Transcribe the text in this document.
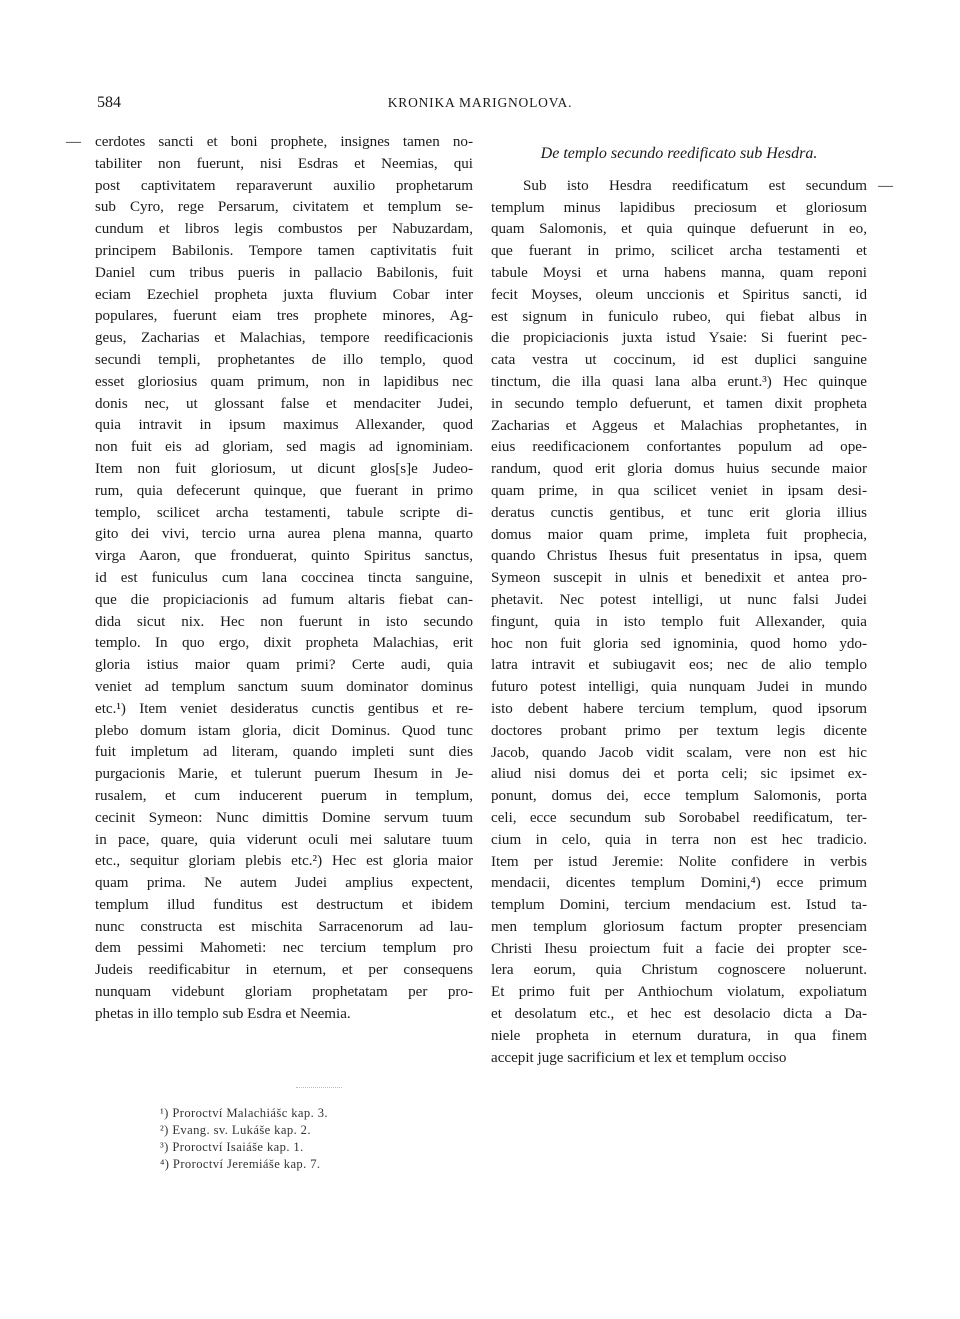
584	KRONIKA MARIGNOLOVA.
—
—
cerdotes sancti et boni prophete, insignes tamen no-
tabiliter non fuerunt, nisi Esdras et Neemias, qui
post captivitatem reparaverunt auxilio prophetarum
sub Cyro, rege Persarum, civitatem et templum se-
cundum et libros legis combustos per Nabuzardam,
principem Babilonis. Tempore tamen captivitatis fuit
Daniel cum tribus pueris in pallacio Babilonis, fuit
eciam Ezechiel propheta juxta fluvium Cobar inter
populares, fuerunt eiam tres prophete minores, Ag-
geus, Zacharias et Malachias, tempore reedificacionis
secundi templi, prophetantes de illo templo, quod
esset gloriosius quam primum, non in lapidibus nec
donis nec, ut glossant false et mendaciter Judei,
quia intravit in ipsum maximus Allexander, quod
non fuit eis ad gloriam, sed magis ad ignominiam.
Item non fuit gloriosum, ut dicunt glos[s]e Judeo-
rum, quia defecerunt quinque, que fuerant in primo
templo, scilicet archa testamenti, tabule scripte di-
gito dei vivi, tercio urna aurea plena manna, quarto
virga Aaron, que fronduerat, quinto Spiritus sanctus,
id est funiculus cum lana coccinea tincta sanguine,
que die propiciacionis ad fumum altaris fiebat can-
dida sicut nix. Hec non fuerunt in isto secundo
templo. In quo ergo, dixit propheta Malachias, erit
gloria istius maior quam primi? Certe audi, quia
veniet ad templum sanctum suum dominator dominus
etc.¹) Item veniet desideratus cunctis gentibus et re-
plebo domum istam gloria, dicit Dominus. Quod tunc
fuit impletum ad literam, quando impleti sunt dies
purgacionis Marie, et tulerunt puerum Ihesum in Je-
rusalem, et cum inducerent puerum in templum,
cecinit Symeon: Nunc dimittis Domine servum tuum
in pace, quare, quia viderunt oculi mei salutare tuum
etc., sequitur gloriam plebis etc.²) Hec est gloria maior
quam prima. Ne autem Judei amplius expectent,
templum illud funditus est destructum et ibidem
nunc constructa est mischita Sarracenorum ad lau-
dem pessimi Mahometi: nec tercium templum pro
Judeis reedificabitur in eternum, et per consequens
nunquam videbunt gloriam prophetatam per pro-
phetas in illo templo sub Esdra et Neemia.
De templo secundo reedificato sub Hesdra.
Sub isto Hesdra reedificatum est secundum
templum minus lapidibus preciosum et gloriosum
quam Salomonis, et quia quinque defuerunt in eo,
que fuerant in primo, scilicet archa testamenti et
tabule Moysi et urna habens manna, quam reponi
fecit Moyses, oleum unccionis et Spiritus sancti, id
est signum in funiculo rubeo, qui fiebat albus in
die propiciacionis juxta istud Ysaie: Si fuerint pec-
cata vestra ut coccinum, id est duplici sanguine
tinctum, die illa quasi lana alba erunt.³) Hec quinque
in secundo templo defuerunt, et tamen dixit propheta
Zacharias et Aggeus et Malachias prophetantes, in
eius reedificacionem confortantes populum ad ope-
randum, quod erit gloria domus huius secunde maior
quam prime, in qua scilicet veniet in ipsam desi-
deratus cunctis gentibus, et tunc erit gloria illius
domus maior quam prime, impleta fuit prophecia,
quando Christus Ihesus fuit presentatus in ipsa, quem
Symeon suscepit in ulnis et benedixit et antea pro-
phetavit. Nec potest intelligi, ut nunc falsi Judei
fingunt, quia in isto templo fuit Allexander, quia
hoc non fuit gloria sed ignominia, quod homo ydo-
latra intravit et subiugavit eos; nec de alio templo
futuro potest intelligi, quia nunquam Judei in mundo
isto debent habere tercium templum, quod ipsorum
doctores probant primo per textum legis dicente
Jacob, quando Jacob vidit scalam, vere non est hic
aliud nisi domus dei et porta celi; sic ipsimet ex-
ponunt, domus dei, ecce templum Salomonis, porta
celi, ecce secundum sub Sorobabel reedificatum, ter-
cium in celo, quia in terra non est hec tradicio.
Item per istud Jeremie: Nolite confidere in verbis
mendacii, dicentes templum Domini,⁴) ecce primum
templum Domini, tercium mendacium est. Istud ta-
men templum gloriosum factum propter presenciam
Christi Ihesu proiectum fuit a facie dei propter sce-
lera eorum, quia Christum cognoscere noluerunt.
Et primo fuit per Anthiochum violatum, expoliatum
et desolatum etc., et hec est desolacio dicta a Da-
niele propheta in eternum duratura, in qua finem
accepit juge sacrificium et lex et templum occiso
¹) Proroctví Malachiášc kap. 3.
²) Evang. sv. Lukáše kap. 2.
³) Proroctví Isaiáše kap. 1.
⁴) Proroctví Jeremiáše kap. 7.
